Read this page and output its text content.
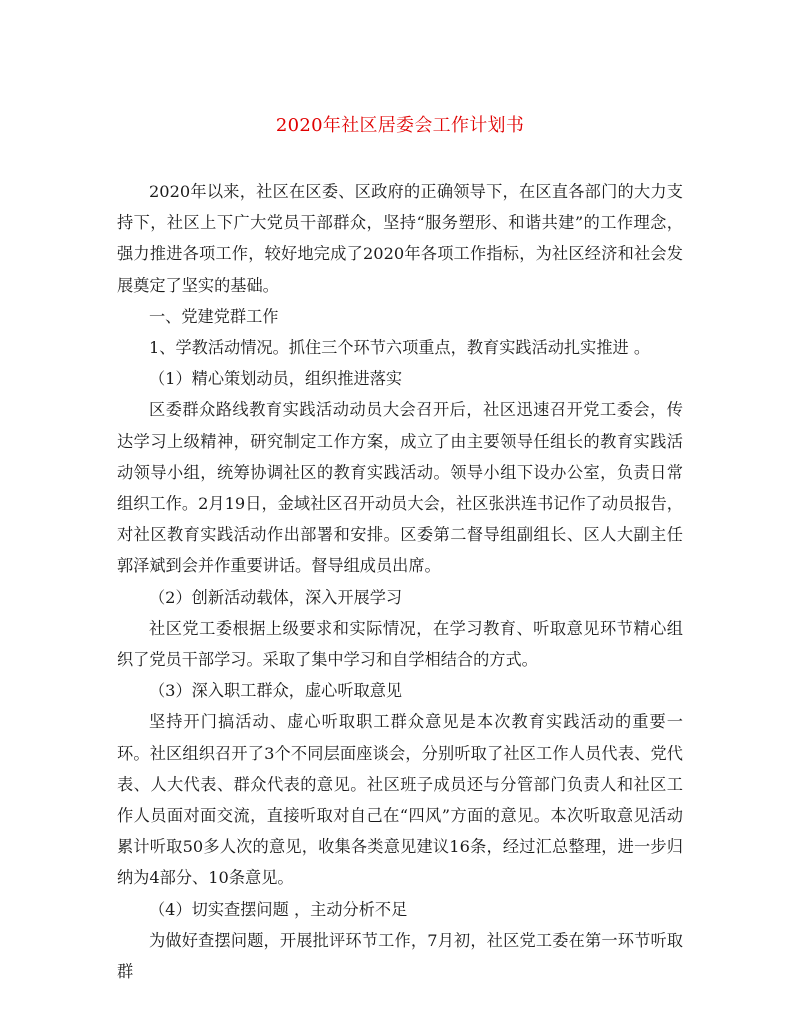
2020年社区居委会工作计划书

2020年以来，社区在区委、区政府的正确领导下，在区直各部门的大力支持下，社区上下广大党员干部群众，坚持“服务塑形、和谐共建”的工作理念，强力推进各项工作，较好地完成了2020年各项工作指标，为社区经济和社会发展奠定了坚实的基础。

一、党建党群工作

1、学教活动情况。抓住三个环节六项重点，教育实践活动扎实推进 。

（1）精心策划动员，组织推进落实

区委群众路线教育实践活动动员大会召开后，社区迅速召开党工委会，传达学习上级精神，研究制定工作方案，成立了由主要领导任组长的教育实践活动领导小组，统筹协调社区的教育实践活动。领导小组下设办公室，负责日常组织工作。2月19日，金域社区召开动员大会，社区张洪连书记作了动员报告，对社区教育实践活动作出部署和安排。区委第二督导组副组长、区人大副主任郭泽斌到会并作重要讲话。督导组成员出席。

（2）创新活动载体，深入开展学习

社区党工委根据上级要求和实际情况，在学习教育、听取意见环节精心组织了党员干部学习。采取了集中学习和自学相结合的方式。

（3）深入职工群众，虚心听取意见

坚持开门搞活动、虚心听取职工群众意见是本次教育实践活动的重要一环。社区组织召开了3个不同层面座谈会，分别听取了社区工作人员代表、党代表、人大代表、群众代表的意见。社区班子成员还与分管部门负责人和社区工作人员面对面交流，直接听取对自己在“四风”方面的意见。本次听取意见活动累计听取50多人次的意见，收集各类意见建议16条，经过汇总整理，进一步归纳为4部分、10条意见。

（4）切实查摆问题 ，主动分析不足

为做好查摆问题，开展批评环节工作，7月初，社区党工委在第一环节听取群
